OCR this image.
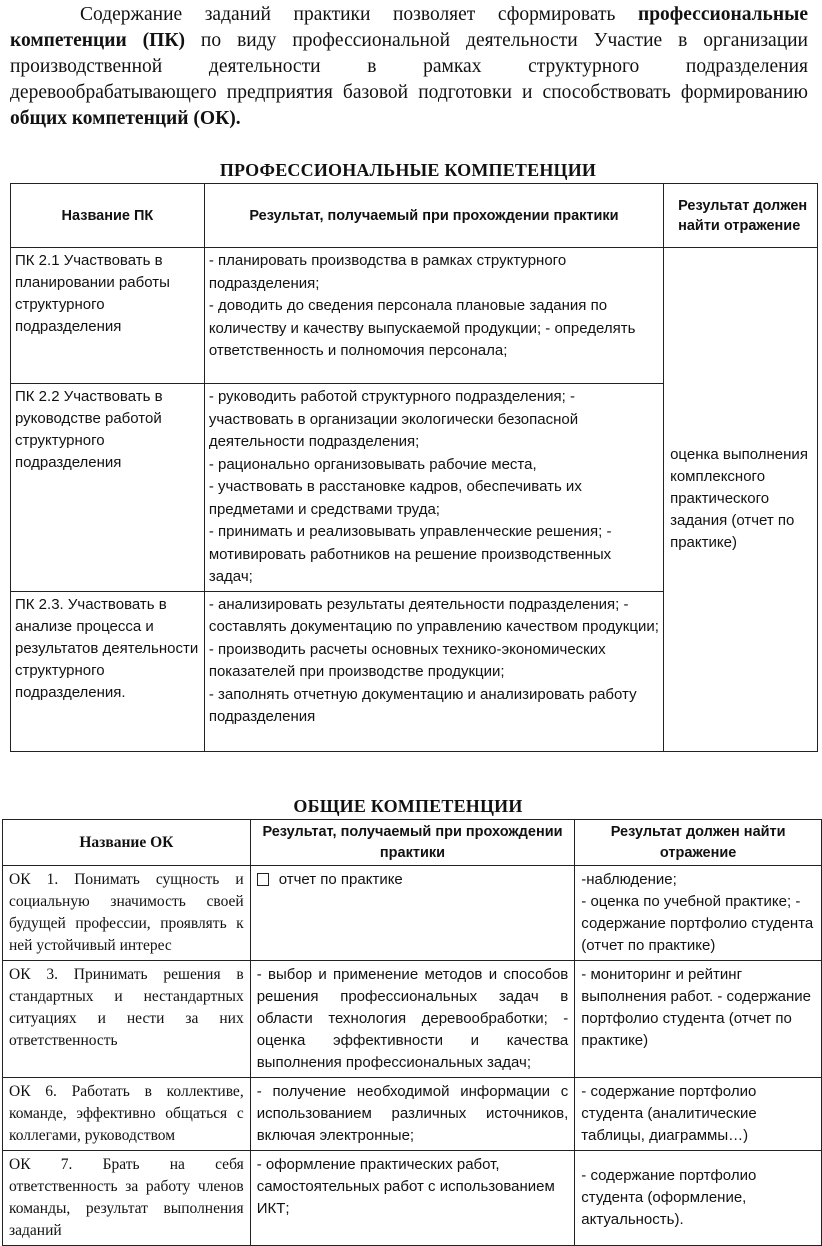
Содержание заданий практики позволяет сформировать профессиональные компетенции (ПК) по виду профессиональной деятельности Участие в организации производственной деятельности в рамках структурного подразделения деревообрабатывающего предприятия базовой подготовки и способствовать формированию общих компетенций (ОК).
ПРОФЕССИОНАЛЬНЫЕ КОМПЕТЕНЦИИ
Название ПК	Результат, получаемый при прохождении практики	Результат должен найти отражение
ПК 2.1 Участвовать в планировании работы структурного подразделения	- планировать производства в рамках структурного подразделения;
- доводить до сведения персонала плановые задания по количеству и качеству выпускаемой продукции; - определять ответственность и полномочия персонала;	оценка выполнения комплексного практического задания (отчет по практике)
ПК 2.2 Участвовать в руководстве работой структурного подразделения	- руководить работой структурного подразделения; - участвовать в организации экологически безопасной деятельности подразделения;
- рационально организовывать рабочие места,
- участвовать в расстановке кадров, обеспечивать их предметами и средствами труда;
- принимать и реализовывать управленческие решения; - мотивировать работников на решение производственных задач;	
ПК 2.3. Участвовать в анализе процесса и результатов деятельности структурного подразделения.	- анализировать результаты деятельности подразделения; - составлять документацию по управлению качеством продукции;
- производить расчеты основных технико-экономических показателей при производстве продукции;
- заполнять отчетную документацию и анализировать работу подразделения	
ОБЩИЕ КОМПЕТЕНЦИИ
Название ОК	Результат, получаемый при прохождении практики	Результат должен найти отражение
ОК 1. Понимать сущность и социальную значимость своей будущей профессии, проявлять к ней устойчивый интерес	отчет по практике	-наблюдение;
- оценка по учебной практике; - содержание портфолио студента (отчет по практике)
ОК 3. Принимать решения в стандартных и нестандартных ситуациях и нести за них ответственность	- выбор и применение методов и способов решения профессиональных задач в области технология деревообработки; - оценка эффективности и качества выполнения профессиональных задач;	- мониторинг и рейтинг выполнения работ. - содержание портфолио студента (отчет по практике)
ОК 6. Работать в коллективе, команде, эффективно общаться с коллегами, руководством	- получение необходимой информации с использованием различных источников, включая электронные;	- содержание портфолио студента (аналитические таблицы, диаграммы…)
ОК 7. Брать на себя ответственность за работу членов команды, результат выполнения заданий	- оформление практических работ, самостоятельных работ с использованием ИКТ;	- содержание портфолио студента (оформление, актуальность).
